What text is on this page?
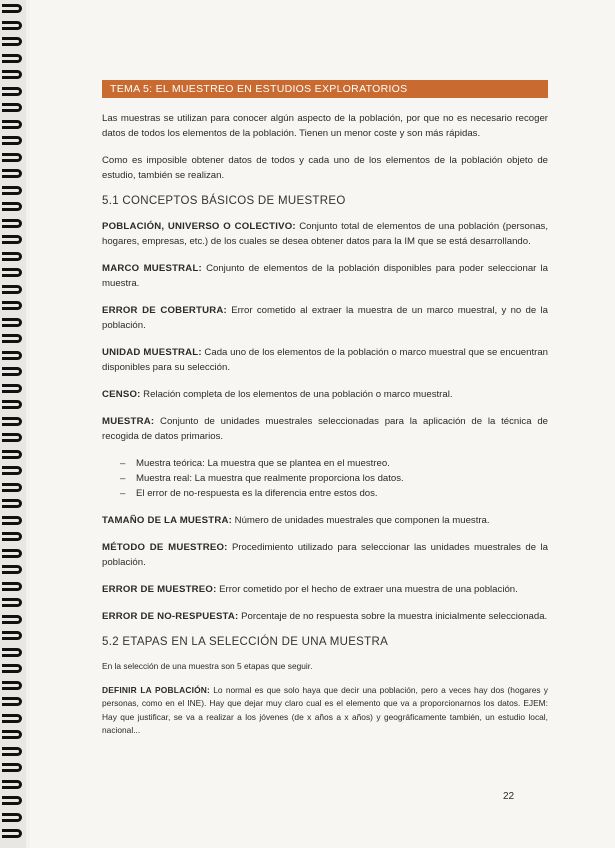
TEMA 5: EL MUESTREO EN ESTUDIOS EXPLORATORIOS

Las muestras se utilizan para conocer algún aspecto de la población, por que no es necesario recoger datos de todos los elementos de la población. Tienen un menor coste y son más rápidas.

Como es imposible obtener datos de todos y cada uno de los elementos de la población objeto de estudio, también se realizan.

5.1 CONCEPTOS BÁSICOS DE MUESTREO

POBLACIÓN, UNIVERSO O COLECTIVO: Conjunto total de elementos de una población (personas, hogares, empresas, etc.) de los cuales se desea obtener datos para la IM que se está desarrollando.

MARCO MUESTRAL: Conjunto de elementos de la población disponibles para poder seleccionar la muestra.

ERROR DE COBERTURA: Error cometido al extraer la muestra de un marco muestral, y no de la población.

UNIDAD MUESTRAL: Cada uno de los elementos de la población o marco muestral que se encuentran disponibles para su selección.

CENSO: Relación completa de los elementos de una población o marco muestral.

MUESTRA: Conjunto de unidades muestrales seleccionadas para la aplicación de la técnica de recogida de datos primarios.

– Muestra teórica: La muestra que se plantea en el muestreo.
– Muestra real: La muestra que realmente proporciona los datos.
– El error de no-respuesta es la diferencia entre estos dos.

TAMAÑO DE LA MUESTRA: Número de unidades muestrales que componen la muestra.

MÉTODO DE MUESTREO: Procedimiento utilizado para seleccionar las unidades muestrales de la población.

ERROR DE MUESTREO: Error cometido por el hecho de extraer una muestra de una población.

ERROR DE NO-RESPUESTA: Porcentaje de no respuesta sobre la muestra inicialmente seleccionada.

5.2 ETAPAS EN LA SELECCIÓN DE UNA MUESTRA

En la selección de una muestra son 5 etapas que seguir.

DEFINIR LA POBLACIÓN: Lo normal es que solo haya que decir una población, pero a veces hay dos (hogares y personas, como en el INE). Hay que dejar muy claro cual es el elemento que va a proporcionarnos los datos. EJEM: Hay que justificar, se va a realizar a los jóvenes (de x años a x años) y geográficamente también, un estudio local, nacional...

22
